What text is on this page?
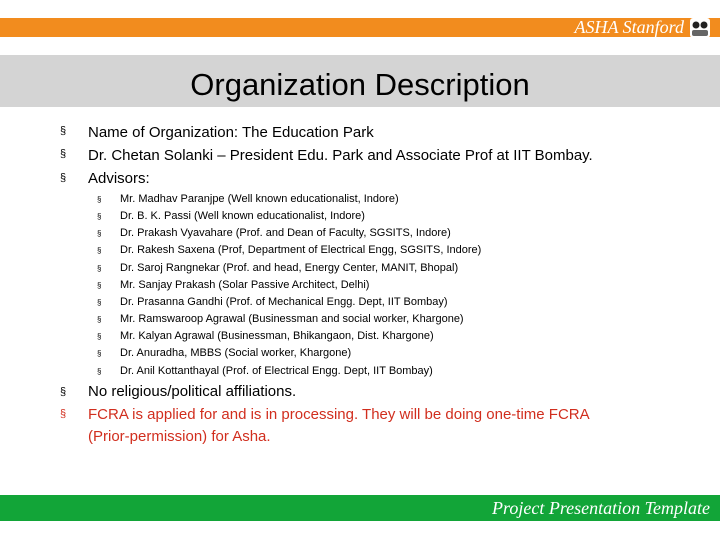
ASHA Stanford
Organization Description
§ Name of Organization: The Education Park
§ Dr. Chetan Solanki – President Edu. Park and Associate Prof at IIT Bombay.
§ Advisors:
§ Mr. Madhav Paranjpe (Well known educationalist, Indore)
§ Dr. B. K. Passi (Well known educationalist, Indore)
§ Dr. Prakash Vyavahare (Prof. and Dean of Faculty, SGSITS, Indore)
§ Dr. Rakesh Saxena (Prof, Department of Electrical Engg, SGSITS, Indore)
§ Dr. Saroj Rangnekar (Prof. and head, Energy Center, MANIT, Bhopal)
§ Mr. Sanjay Prakash (Solar Passive Architect, Delhi)
§ Dr. Prasanna Gandhi (Prof. of Mechanical Engg. Dept, IIT Bombay)
§ Mr. Ramswaroop Agrawal (Businessman and social worker, Khargone)
§ Mr. Kalyan Agrawal (Businessman, Bhikangaon, Dist. Khargone)
§ Dr. Anuradha, MBBS (Social worker, Khargone)
§ Dr. Anil Kottanthayal (Prof. of Electrical Engg. Dept, IIT Bombay)
§ No religious/political affiliations.
§ FCRA is applied for and is in processing. They will be doing one-time FCRA
(Prior-permission) for Asha.
Project Presentation Template
